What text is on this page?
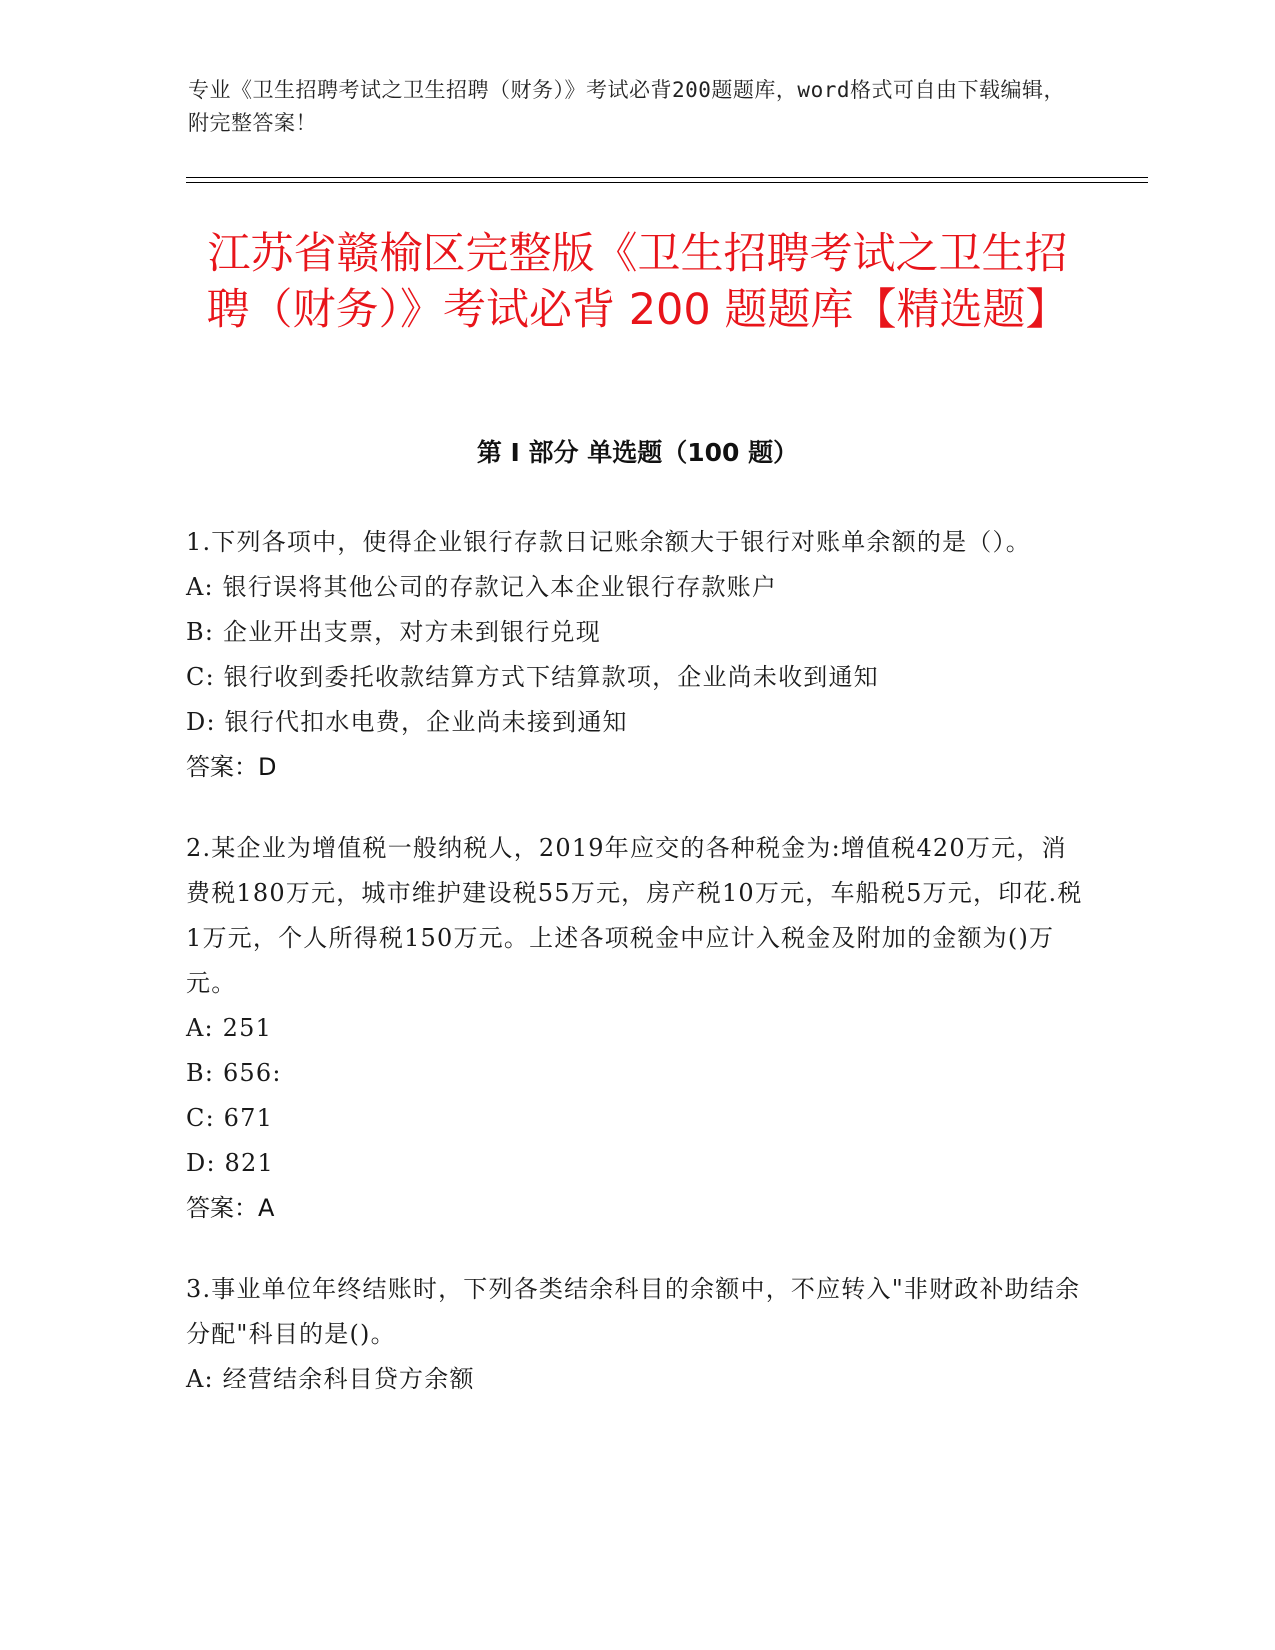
专业《卫生招聘考试之卫生招聘（财务）》考试必背200题题库，word格式可自由下载编辑，附完整答案！
江苏省赣榆区完整版《卫生招聘考试之卫生招聘（财务）》考试必背 200 题题库【精选题】
第 I 部分 单选题（100 题）
1.下列各项中，使得企业银行存款日记账余额大于银行对账单余额的是（）。
A: 银行误将其他公司的存款记入本企业银行存款账户
B: 企业开出支票，对方未到银行兑现
C: 银行收到委托收款结算方式下结算款项，企业尚未收到通知
D: 银行代扣水电费，企业尚未接到通知
答案：D
2.某企业为增值税一般纳税人，2019年应交的各种税金为:增值税420万元，消费税180万元，城市维护建设税55万元，房产税10万元，车船税5万元，印花.税1万元，个人所得税150万元。上述各项税金中应计入税金及附加的金额为()万元。
A: 251
B: 656:
C: 671
D: 821
答案：A
3.事业单位年终结账时，下列各类结余科目的余额中，不应转入"非财政补助结余分配"科目的是()。
A: 经营结余科目贷方余额
